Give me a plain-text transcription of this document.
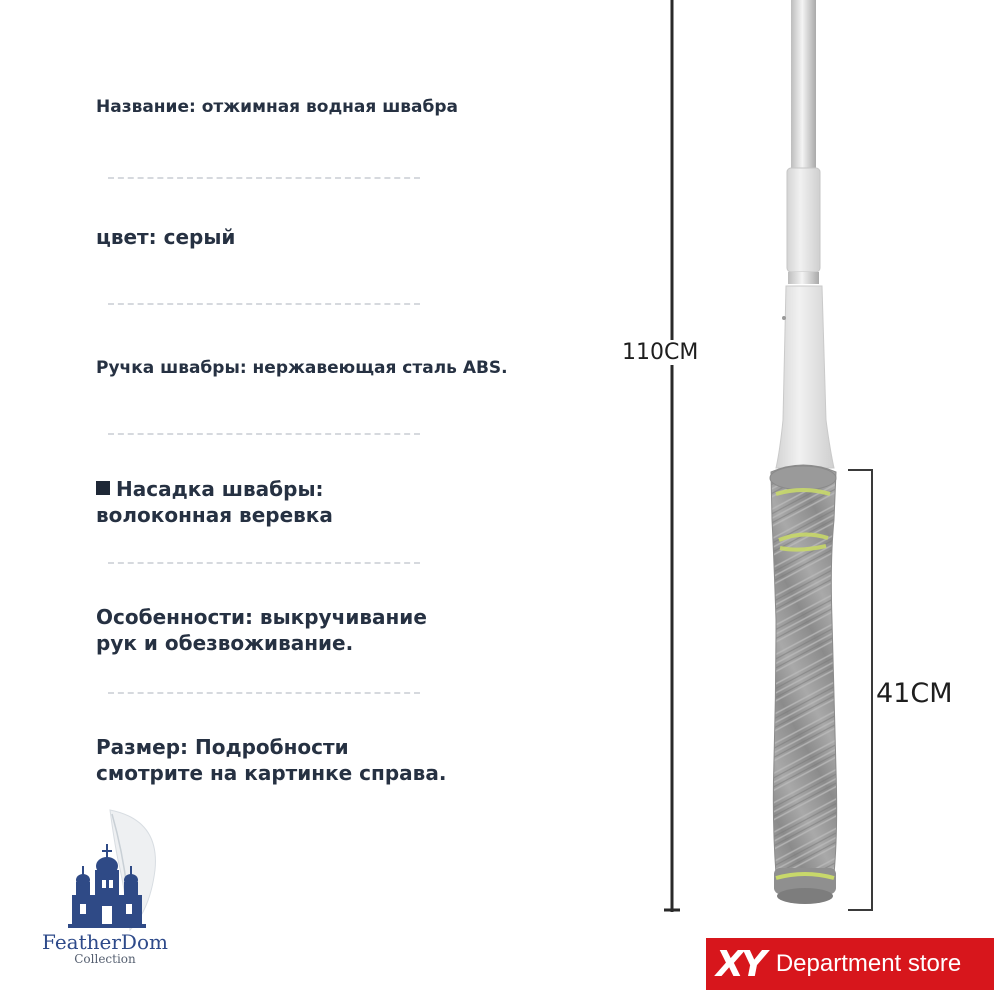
Название: отжимная водная швабра
цвет: серый
Ручка швабры: нержавеющая сталь ABS.
Насадка швабры:
волоконная веревка
Особенности: выкручивание
рук и обезвоживание.
Размер: Подробности
смотрите на картинке справа.
110CM
41CM
FeatherDom
Collection	XY Department store
